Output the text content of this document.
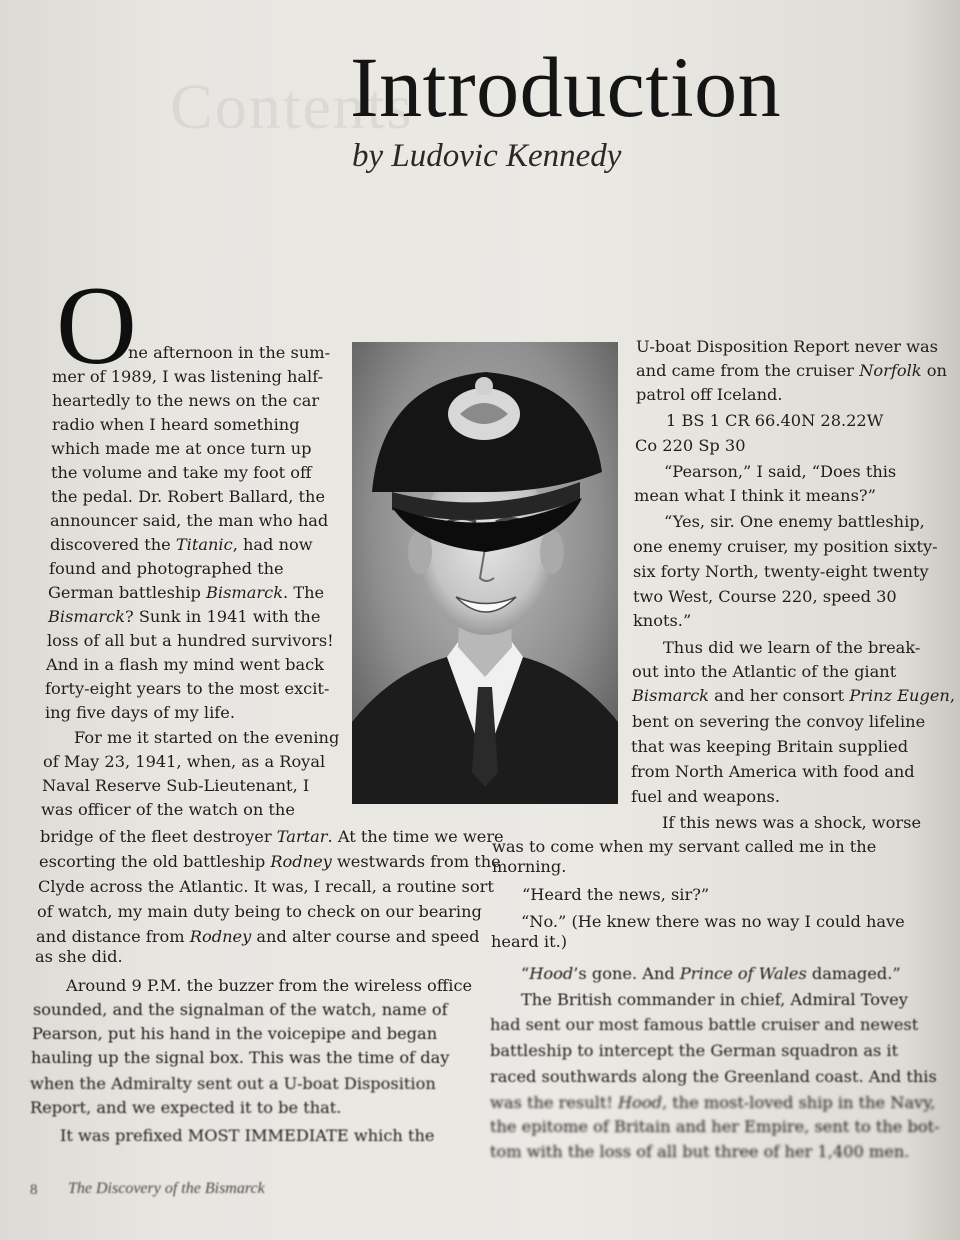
Contents
Introduction
by Ludovic Kennedy
O
ne afternoon in the sum-
mer of 1989, I was listening half-
heartedly to the news on the car
radio when I heard something
which made me at once turn up
the volume and take my foot off
the pedal. Dr. Robert Ballard, the
announcer said, the man who had
discovered the Titanic, had now
found and photographed the
German battleship Bismarck. The
Bismarck? Sunk in 1941 with the
loss of all but a hundred survivors!
And in a flash my mind went back
forty-eight years to the most excit-
ing five days of my life.
For me it started on the evening
of May 23, 1941, when, as a Royal
Naval Reserve Sub-Lieutenant, I
was officer of the watch on the
bridge of the fleet destroyer Tartar. At the time we were
escorting the old battleship Rodney westwards from the
Clyde across the Atlantic. It was, I recall, a routine sort
of watch, my main duty being to check on our bearing
and distance from Rodney and alter course and speed
as she did.
Around 9 P.M. the buzzer from the wireless office
sounded, and the signalman of the watch, name of
Pearson, put his hand in the voicepipe and began
hauling up the signal box. This was the time of day
when the Admiralty sent out a U-boat Disposition
Report, and we expected it to be that.
It was prefixed MOST IMMEDIATE which the
U-boat Disposition Report never was
and came from the cruiser Norfolk on
patrol off Iceland.
1 BS 1 CR 66.40N 28.22W
Co 220 Sp 30
“Pearson,” I said, “Does this
mean what I think it means?”
“Yes, sir. One enemy battleship,
one enemy cruiser, my position sixty-
six forty North, twenty-eight twenty
two West, Course 220, speed 30
knots.”
Thus did we learn of the break-
out into the Atlantic of the giant
Bismarck and her consort Prinz Eugen,
bent on severing the convoy lifeline
that was keeping Britain supplied
from North America with food and
fuel and weapons.
If this news was a shock, worse
was to come when my servant called me in the
morning.
“Heard the news, sir?”
“No.” (He knew there was no way I could have
heard it.)
“Hood’s gone. And Prince of Wales damaged.”
The British commander in chief, Admiral Tovey
had sent our most famous battle cruiser and newest
battleship to intercept the German squadron as it
raced southwards along the Greenland coast. And this
was the result! Hood, the most-loved ship in the Navy,
the epitome of Britain and her Empire, sent to the bot-
tom with the loss of all but three of her 1,400 men.
8 The Discovery of the Bismarck
